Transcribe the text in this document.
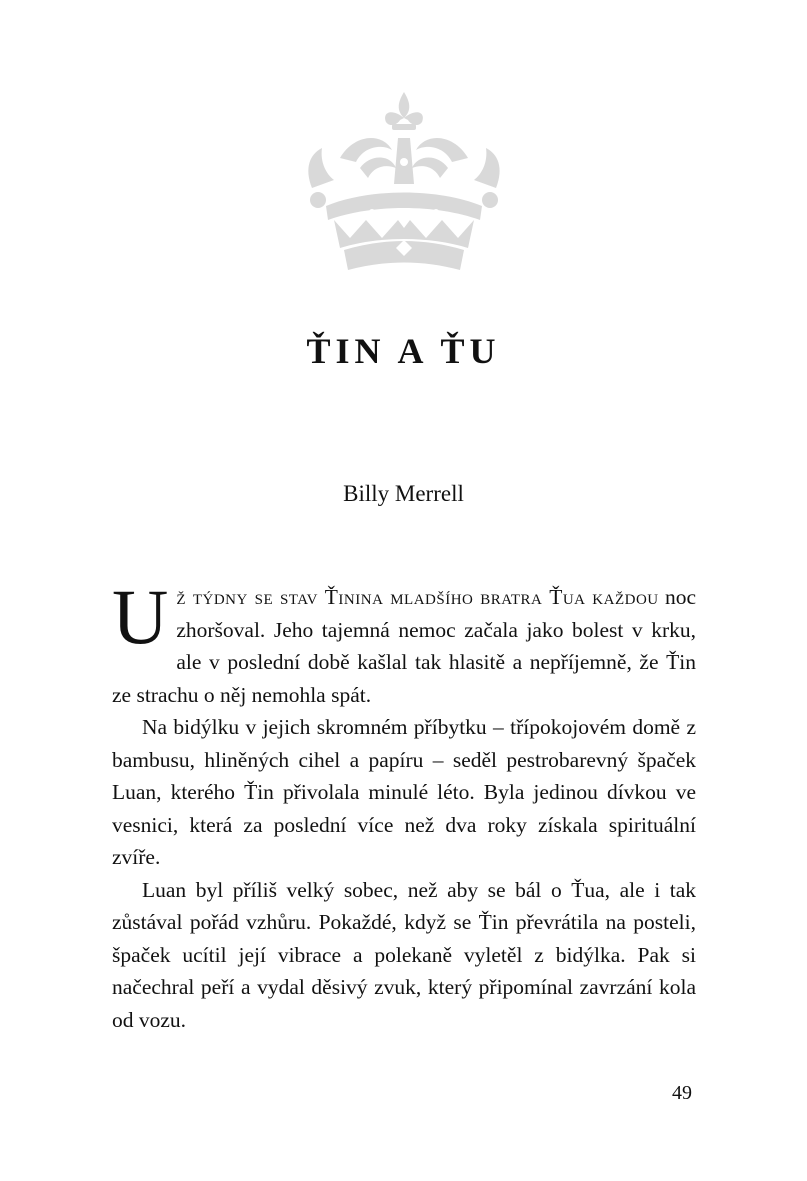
ŤIN A ŤU

Billy Merrell

Už týdny se stav Ťinina mladšího bratra Ťua každou noc zhoršoval. Jeho tajemná nemoc začala jako bolest v krku, ale v poslední době kašlal tak hlasitě a nepříjemně, že Ťin ze strachu o něj nemohla spát.

Na bidýlku v jejich skromném příbytku – třípokojovém domě z bambusu, hliněných cihel a papíru – seděl pestrobarevný špaček Luan, kterého Ťin přivolala minulé léto. Byla jedinou dívkou ve vesnici, která za poslední více než dva roky získala spirituální zvíře.

Luan byl příliš velký sobec, než aby se bál o Ťua, ale i tak zůstával pořád vzhůru. Pokaždé, když se Ťin převrátila na posteli, špaček ucítil její vibrace a polekaně vyletěl z bidýlka. Pak si načechral peří a vydal děsivý zvuk, který připomínal zavrzání kola od vozu.

49
